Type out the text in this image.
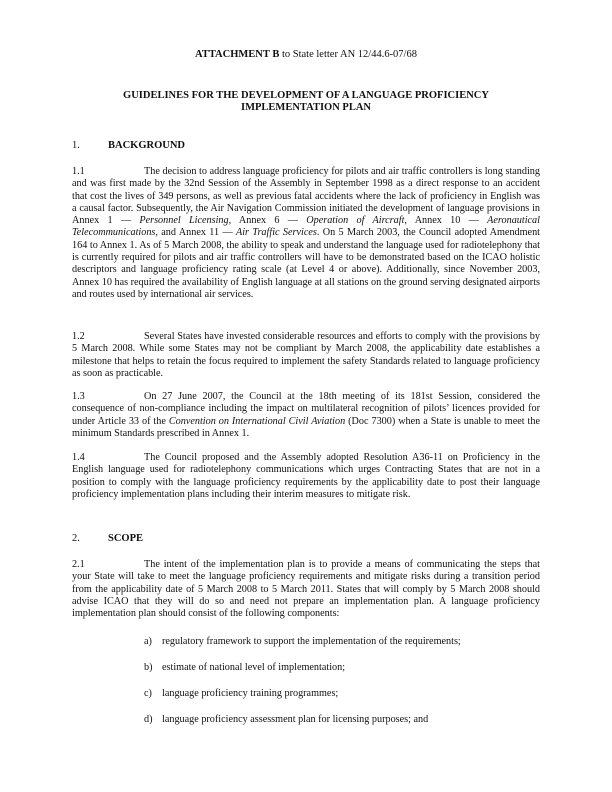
ATTACHMENT B to State letter AN 12/44.6-07/68
GUIDELINES FOR THE DEVELOPMENT OF A LANGUAGE PROFICIENCY
IMPLEMENTATION PLAN
1.	BACKGROUND
1.1	The decision to address language proficiency for pilots and air traffic controllers is long standing and was first made by the 32nd Session of the Assembly in September 1998 as a direct response to an accident that cost the lives of 349 persons, as well as previous fatal accidents where the lack of proficiency in English was a causal factor. Subsequently, the Air Navigation Commission initiated the development of language provisions in Annex 1 — Personnel Licensing, Annex 6 — Operation of Aircraft, Annex 10 — Aeronautical Telecommunications, and Annex 11 — Air Traffic Services. On 5 March 2003, the Council adopted Amendment 164 to Annex 1. As of 5 March 2008, the ability to speak and understand the language used for radiotelephony that is currently required for pilots and air traffic controllers will have to be demonstrated based on the ICAO holistic descriptors and language proficiency rating scale (at Level 4 or above). Additionally, since November 2003, Annex 10 has required the availability of English language at all stations on the ground serving designated airports and routes used by international air services.
1.2	Several States have invested considerable resources and efforts to comply with the provisions by 5 March 2008. While some States may not be compliant by March 2008, the applicability date establishes a milestone that helps to retain the focus required to implement the safety Standards related to language proficiency as soon as practicable.
1.3	On 27 June 2007, the Council at the 18th meeting of its 181st Session, considered the consequence of non-compliance including the impact on multilateral recognition of pilots’ licences provided for under Article 33 of the Convention on International Civil Aviation (Doc 7300) when a State is unable to meet the minimum Standards prescribed in Annex 1.
1.4	The Council proposed and the Assembly adopted Resolution A36-11 on Proficiency in the English language used for radiotelephony communications which urges Contracting States that are not in a position to comply with the language proficiency requirements by the applicability date to post their language proficiency implementation plans including their interim measures to mitigate risk.
2.	SCOPE
2.1	The intent of the implementation plan is to provide a means of communicating the steps that your State will take to meet the language proficiency requirements and mitigate risks during a transition period from the applicability date of 5 March 2008 to 5 March 2011. States that will comply by 5 March 2008 should advise ICAO that they will do so and need not prepare an implementation plan. A language proficiency implementation plan should consist of the following components:
a) regulatory framework to support the implementation of the requirements;
b) estimate of national level of implementation;
c) language proficiency training programmes;
d) language proficiency assessment plan for licensing purposes; and
